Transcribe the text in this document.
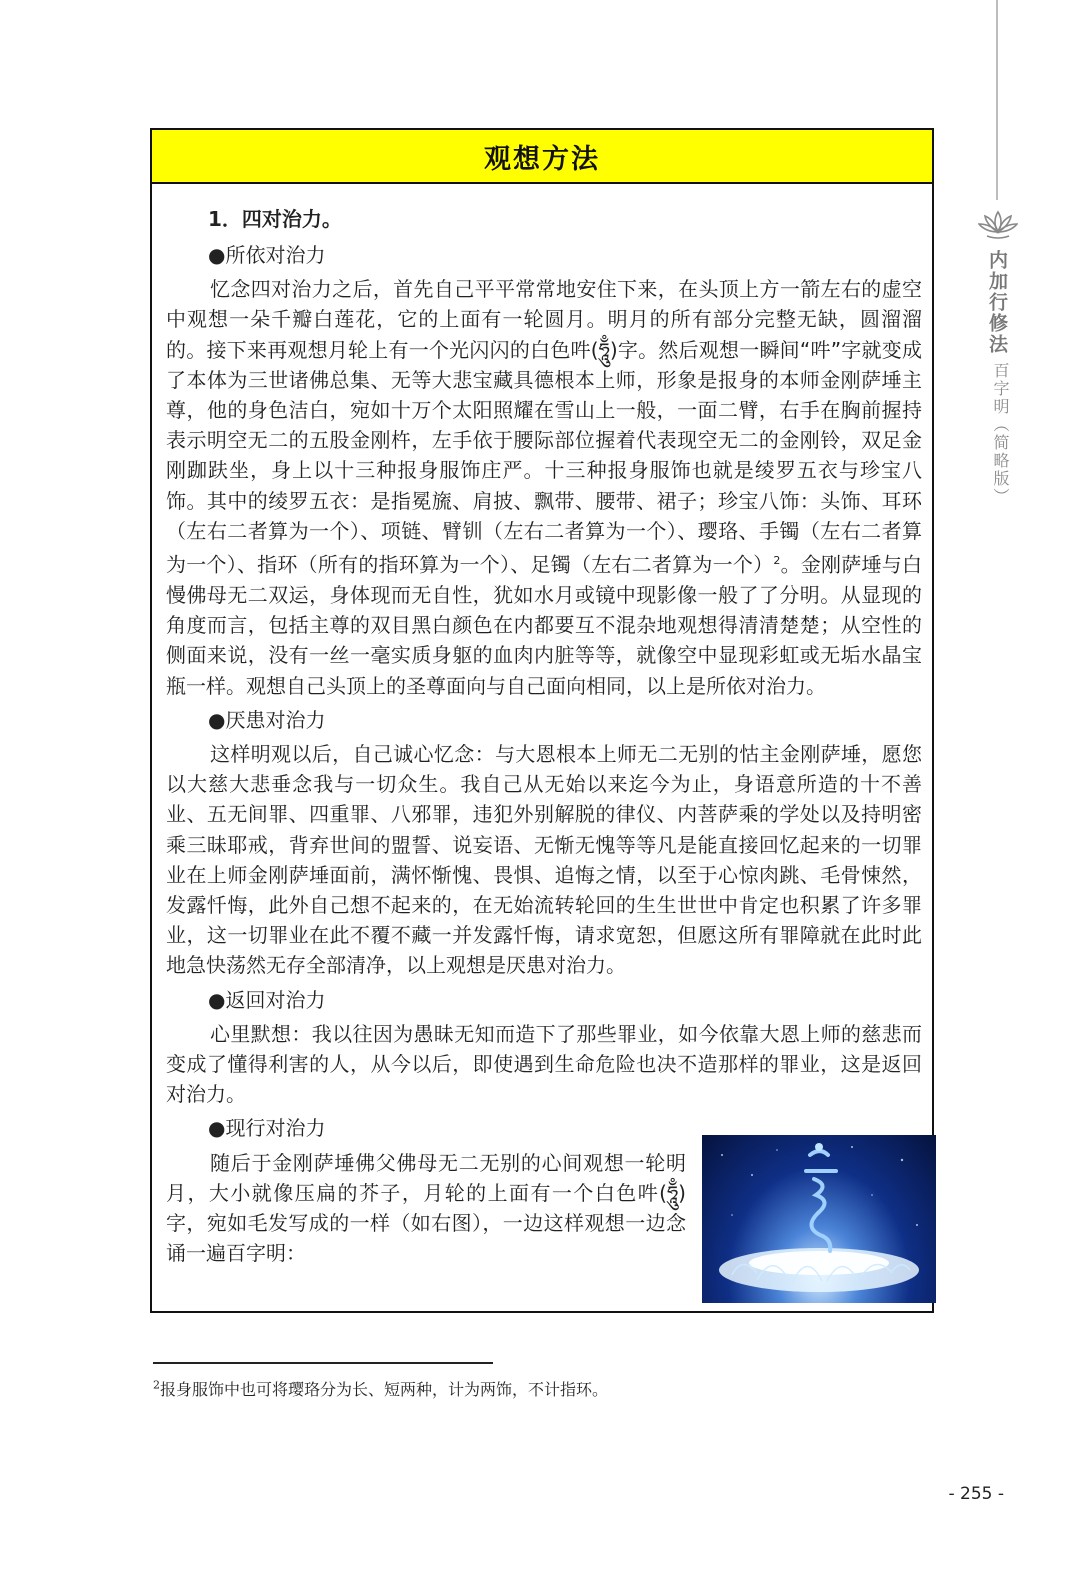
内加行修法
百字明（简略版）
观想方法
1．四对治力。
●所依对治力

忆念四对治力之后，首先自己平平常常地安住下来，在头顶上方一箭左右的虚空中观想一朵千瓣白莲花，它的上面有一轮圆月。明月的所有部分完整无缺，圆溜溜的。接下来再观想月轮上有一个光闪闪的白色吽(ཧཱུྃ)字。然后观想一瞬间“吽”字就变成了本体为三世诸佛总集、无等大悲宝藏具德根本上师，形象是报身的本师金刚萨埵主尊，他的身色洁白，宛如十万个太阳照耀在雪山上一般，一面二臂，右手在胸前握持表示明空无二的五股金刚杵，左手依于腰际部位握着代表现空无二的金刚铃，双足金刚跏趺坐，身上以十三种报身服饰庄严。十三种报身服饰也就是绫罗五衣与珍宝八饰。其中的绫罗五衣：是指冕旒、肩披、飘带、腰带、裙子；珍宝八饰：头饰、耳环（左右二者算为一个）、项链、臂钏（左右二者算为一个）、璎珞、手镯（左右二者算为一个）、指环（所有的指环算为一个）、足镯（左右二者算为一个）$^2$。金刚萨埵与白慢佛母无二双运，身体现而无自性，犹如水月或镜中现影像一般了了分明。从显现的角度而言，包括主尊的双目黑白颜色在内都要互不混杂地观想得清清楚楚；从空性的侧面来说，没有一丝一毫实质身躯的血肉内脏等等，就像空中显现彩虹或无垢水晶宝瓶一样。观想自己头顶上的圣尊面向与自己面向相同，以上是所依对治力。

●厌患对治力

这样明观以后，自己诚心忆念：与大恩根本上师无二无别的怙主金刚萨埵，愿您以大慈大悲垂念我与一切众生。我自己从无始以来迄今为止，身语意所造的十不善业、五无间罪、四重罪、八邪罪，违犯外别解脱的律仪、内菩萨乘的学处以及持明密乘三昧耶戒，背弃世间的盟誓、说妄语、无惭无愧等等凡是能直接回忆起来的一切罪业在上师金刚萨埵面前，满怀惭愧、畏惧、追悔之情，以至于心惊肉跳、毛骨悚然，发露忏悔，此外自己想不起来的，在无始流转轮回的生生世世中肯定也积累了许多罪业，这一切罪业在此不覆不藏一并发露忏悔，请求宽恕，但愿这所有罪障就在此时此地急快荡然无存全部清净，以上观想是厌患对治力。

●返回对治力

心里默想：我以往因为愚昧无知而造下了那些罪业，如今依靠大恩上师的慈悲而变成了懂得利害的人，从今以后，即使遇到生命危险也决不造那样的罪业，这是返回对治力。

●现行对治力

随后于金刚萨埵佛父佛母无二无别的心间观想一轮明月，大小就像压扁的芥子，月轮的上面有一个白色吽(ཧཱུྃ)字，宛如毛发写成的一样（如右图），一边这样观想一边念诵一遍百字明：

$^2$报身服饰中也可将璎珞分为长、短两种，计为两饰，不计指环。
- 255 -
